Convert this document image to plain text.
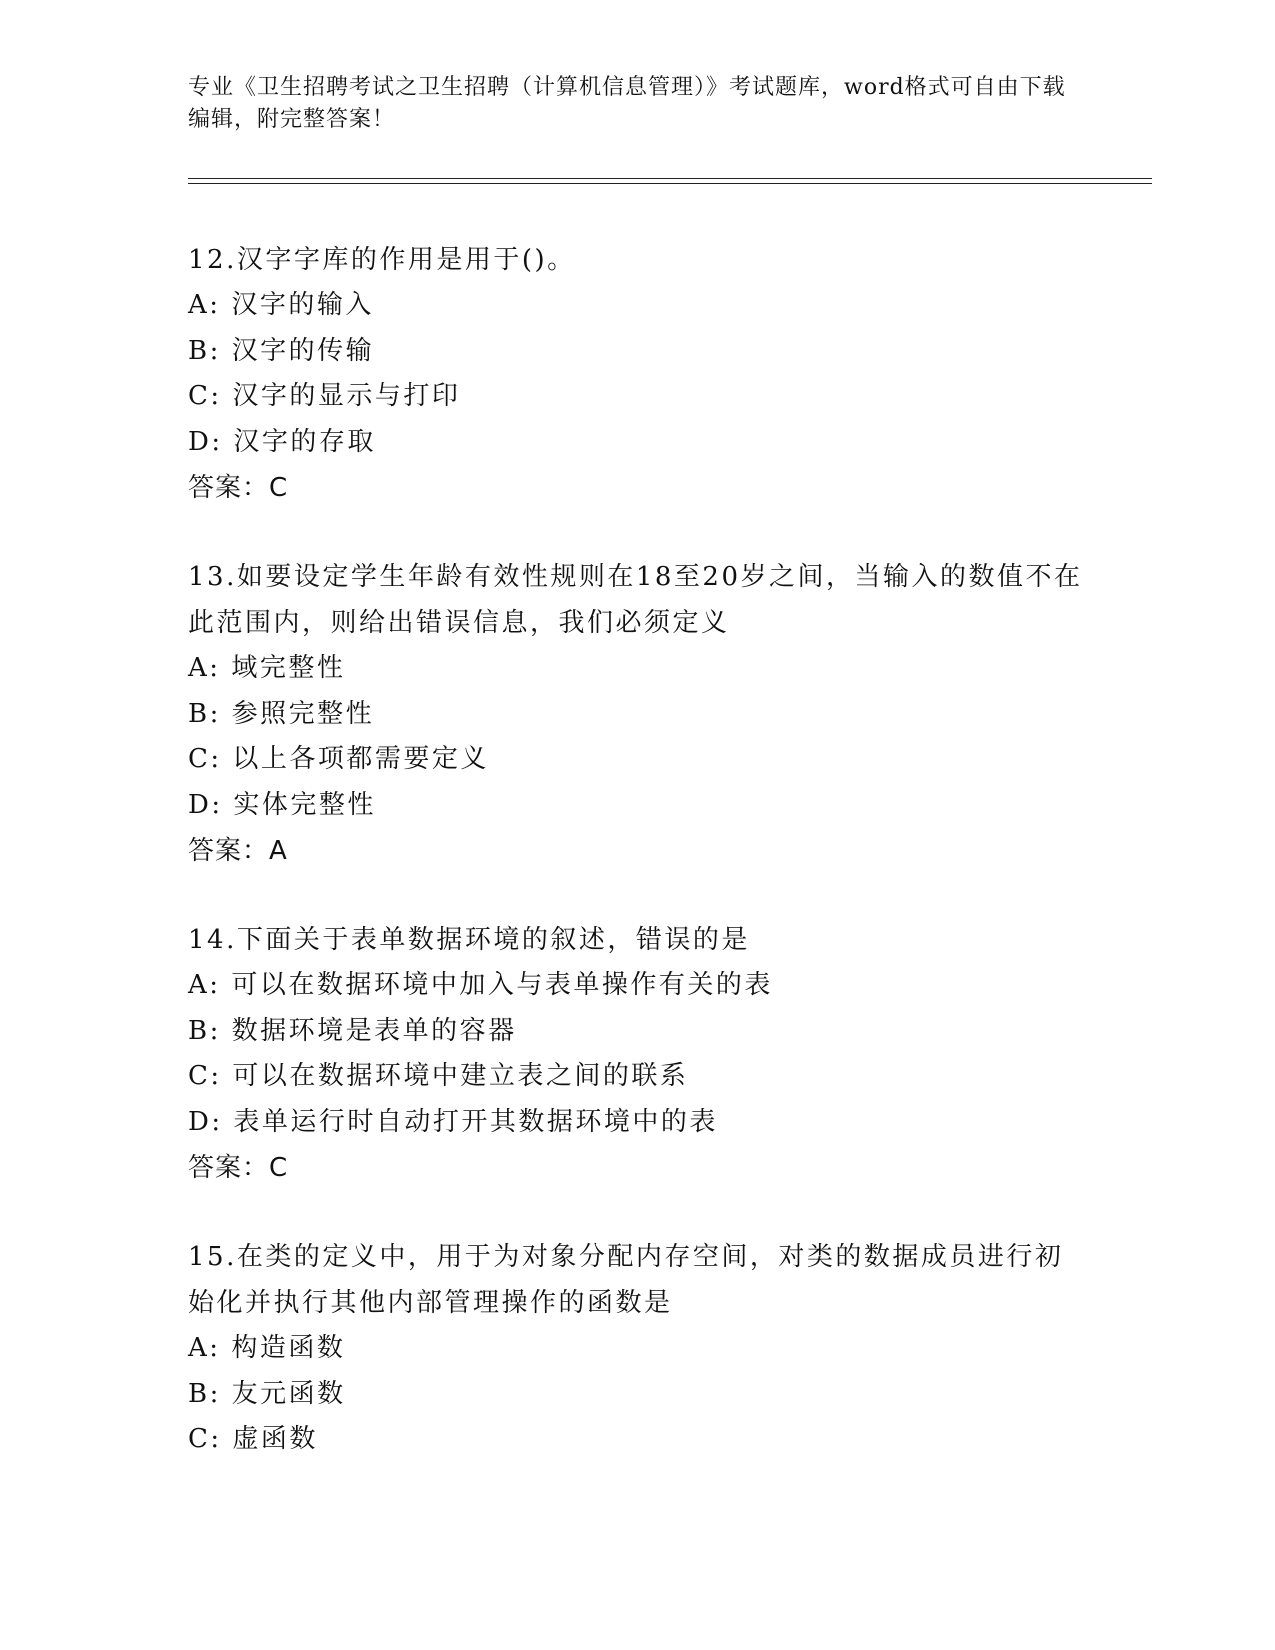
专业《卫生招聘考试之卫生招聘（计算机信息管理）》考试题库，word格式可自由下载编辑，附完整答案！
12.汉字字库的作用是用于()。
A: 汉字的输入
B: 汉字的传输
C: 汉字的显示与打印
D: 汉字的存取
答案：C
13.如要设定学生年龄有效性规则在18至20岁之间，当输入的数值不在此范围内，则给出错误信息，我们必须定义
A: 域完整性
B: 参照完整性
C: 以上各项都需要定义
D: 实体完整性
答案：A
14.下面关于表单数据环境的叙述，错误的是
A: 可以在数据环境中加入与表单操作有关的表
B: 数据环境是表单的容器
C: 可以在数据环境中建立表之间的联系
D: 表单运行时自动打开其数据环境中的表
答案：C
15.在类的定义中，用于为对象分配内存空间，对类的数据成员进行初始化并执行其他内部管理操作的函数是
A: 构造函数
B: 友元函数
C: 虚函数
